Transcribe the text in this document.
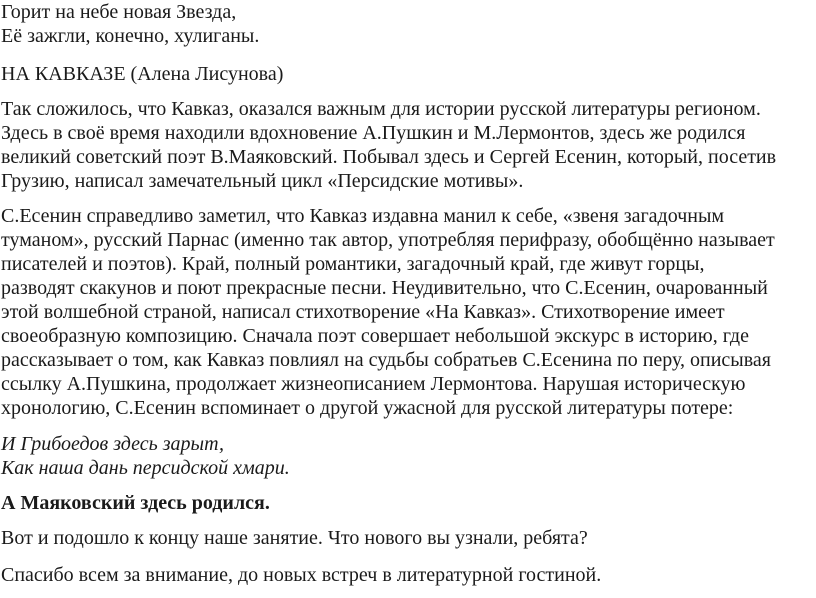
Горит на небе новая Звезда,
Её зажгли, конечно, хулиганы.
НА КАВКАЗЕ (Алена Лисунова)
Так сложилось, что Кавказ, оказался важным для истории русской литературы регионом.
Здесь в своё время находили вдохновение А.Пушкин и М.Лермонтов, здесь же родился
великий советский поэт В.Маяковский. Побывал здесь и Сергей Есенин, который, посетив
Грузию, написал замечательный цикл «Персидские мотивы».
С.Есенин справедливо заметил, что Кавказ издавна манил к себе, «звеня загадочным
туманом», русский Парнас (именно так автор, употребляя перифразу, обобщённо называет
писателей и поэтов). Край, полный романтики, загадочный край, где живут горцы,
разводят скакунов и поют прекрасные песни. Неудивительно, что С.Есенин, очарованный
этой волшебной страной, написал стихотворение «На Кавказ». Стихотворение имеет
своеобразную композицию. Сначала поэт совершает небольшой экскурс в историю, где
рассказывает о том, как Кавказ повлиял на судьбы собратьев С.Есенина по перу, описывая
ссылку А.Пушкина, продолжает жизнеописанием Лермонтова. Нарушая историческую
хронологию, С.Есенин вспоминает о другой ужасной для русской литературы потере:
И Грибоедов здесь зарыт,
Как наша дань персидской хмари.
А Маяковский здесь родился.
Вот и подошло к концу наше занятие. Что нового вы узнали, ребята?
Спасибо всем за внимание, до новых встреч в литературной гостиной.
